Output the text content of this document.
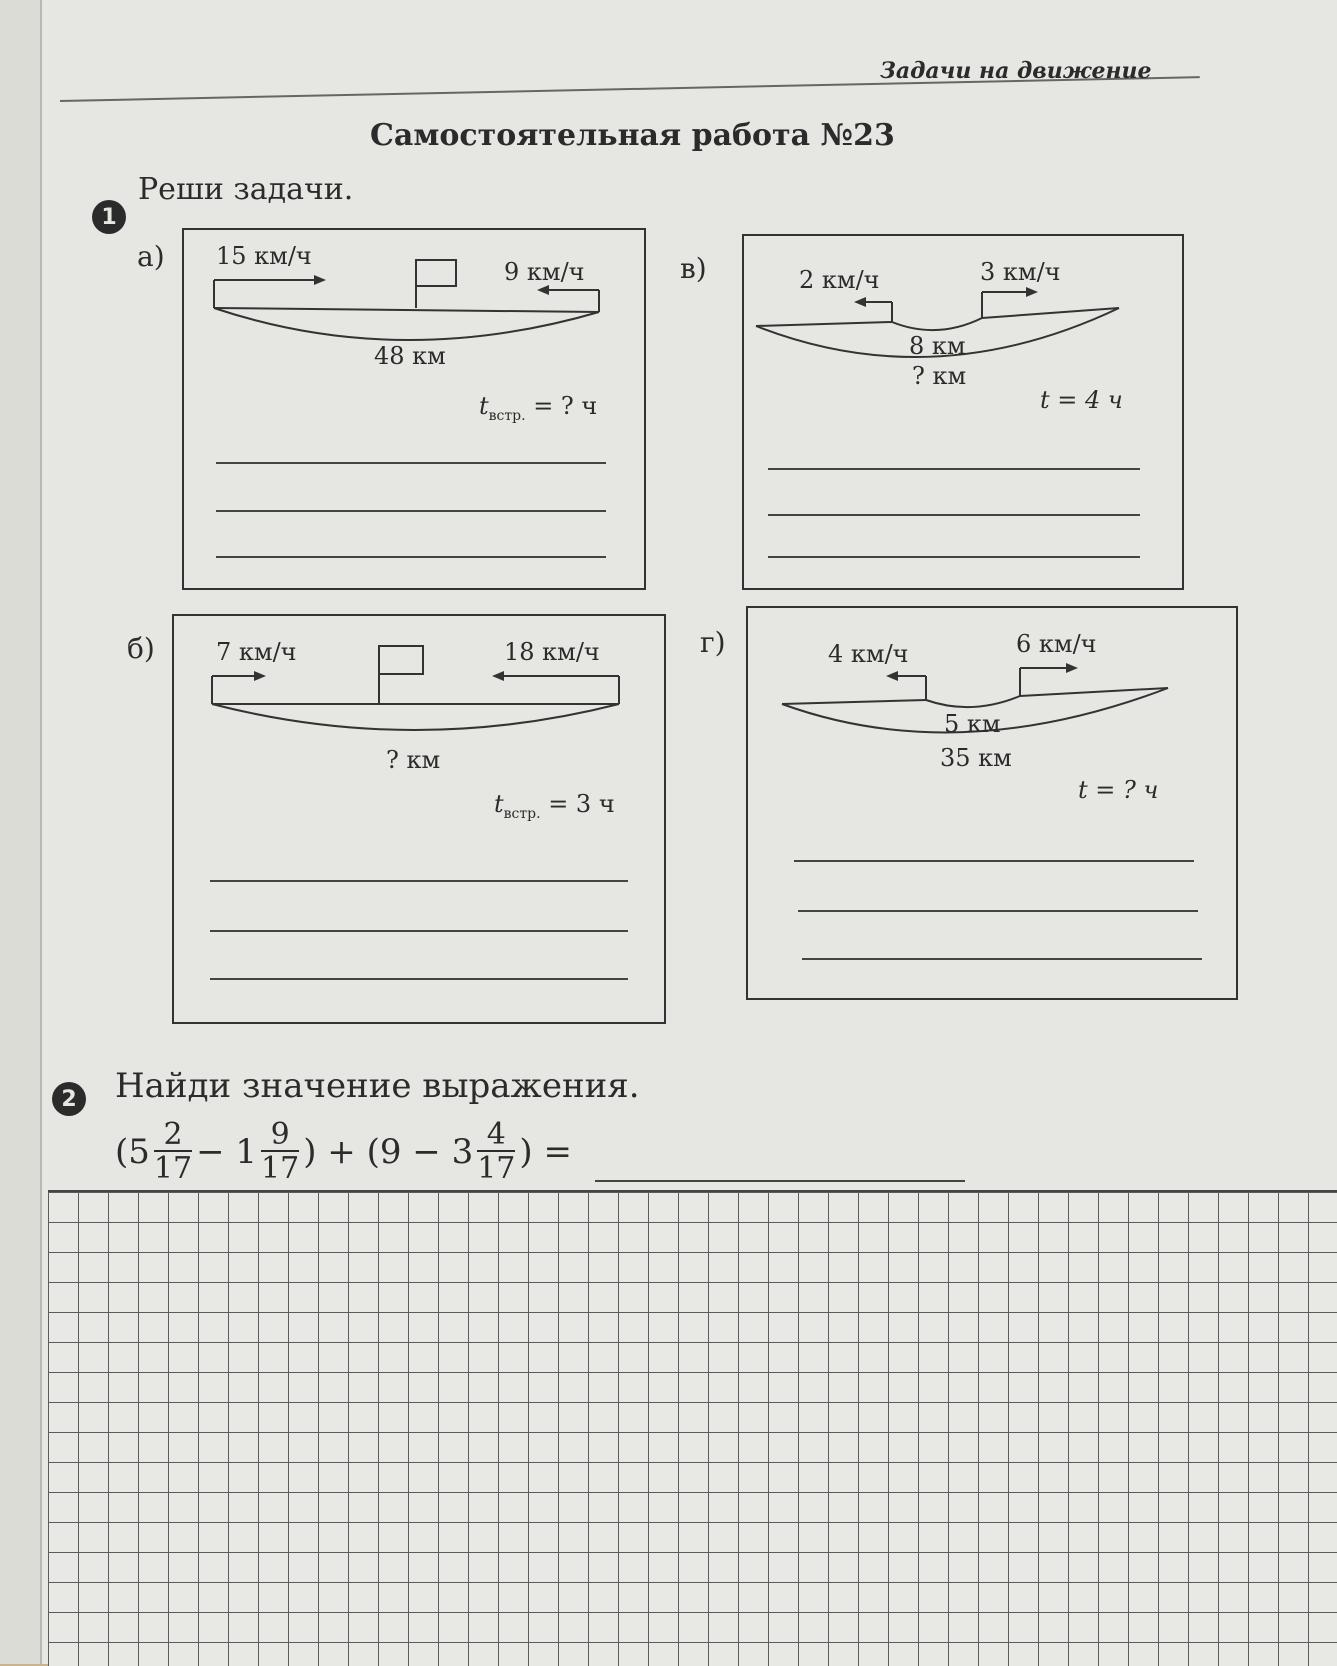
Задачи на движение
Самостоятельная работа №23
1
Реши задачи.
а) 15 км/ч
9 км/ч
48 км
$t_{встр.}$ = ? ч
в)	2 км/ч	3 км/ч
8 км
? км
t = 4 ч
б)	7 км/ч	18 км/ч
? км
$t_{встр.} = 3$ ч
г)	4 км/ч	6 км/ч
5 км
35 км
t = ? ч
2 Найди значение выражения.
($5 \frac{2}{17} - 1 \frac{9}{17}$ ) + ($9 - 3 \frac{4}{17}$ ) =
